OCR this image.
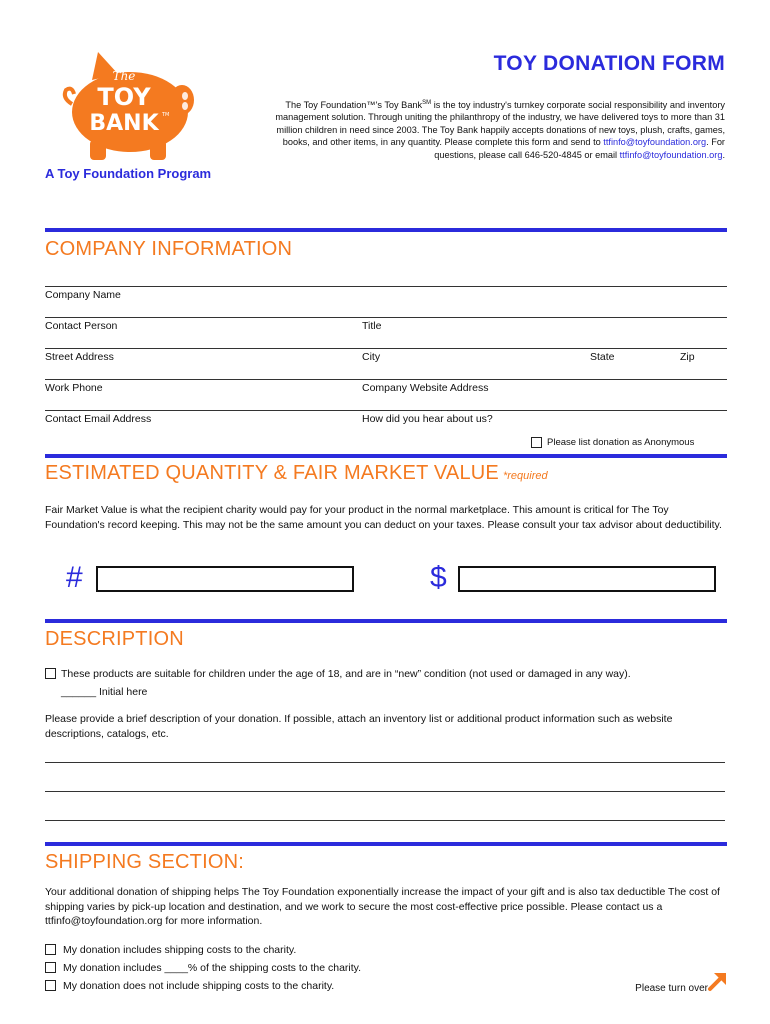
The
TOY
BANK TM
A Toy Foundation Program
TOY DONATION FORM
The Toy Foundation™'s Toy Bank℠ is the toy industry's turnkey corporate social responsibility and inventory management solution. Through uniting the philanthropy of the industry, we have delivered toys to more than 31 million children in need since 2003. The Toy Bank happily accepts donations of new toys, plush, crafts, games, books, and other items, in any quantity. Please complete this form and send to ttfinfo@toyfoundation.org. For questions, please call 646-520-4845 or email ttfinfo@toyfoundation.org.
COMPANY INFORMATION
Company Name
Contact Person	Title
Street Address	City	State	Zip
Work Phone	Company Website Address
Contact Email Address	How did you hear about us?
Please list donation as Anonymous
ESTIMATED QUANTITY & FAIR MARKET VALUE *required
Fair Market Value is what the recipient charity would pay for your product in the normal marketplace. This amount is critical for The Toy Foundation's record keeping. This may not be the same amount you can deduct on your taxes. Please consult your tax advisor about deductibility.
#	$
DESCRIPTION
These products are suitable for children under the age of 18, and are in “new” condition (not used or damaged in any way).
______ Initial here
Please provide a brief description of your donation. If possible, attach an inventory list or additional product information such as website descriptions, catalogs, etc.
SHIPPING SECTION:
Your additional donation of shipping helps The Toy Foundation exponentially increase the impact of your gift and is also tax deductible The cost of shipping varies by pick-up location and destination, and we work to secure the most cost-effective price possible. Please contact us a ttfinfo@toyfoundation.org for more information.
My donation includes shipping costs to the charity.
My donation includes ____% of the shipping costs to the charity.
My donation does not include shipping costs to the charity.	Please turn over
